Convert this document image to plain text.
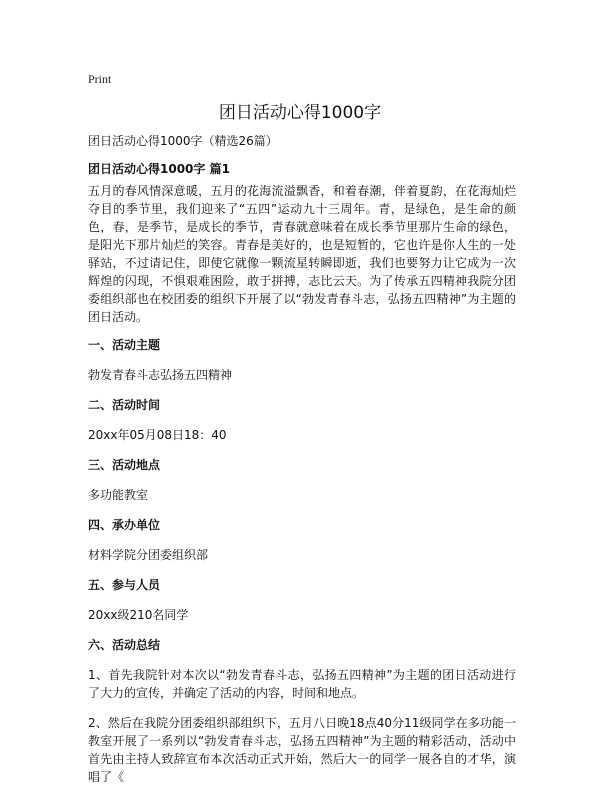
Print
团日活动心得1000字

团日活动心得1000字（精选26篇）

团日活动心得1000字 篇1

五月的春风情深意暖，五月的花海流溢飘香，和着春潮，伴着夏韵，在花海灿烂夺目的季节里，我们迎来了“五四”运动九十三周年。青，是绿色，是生命的颜色，春，是季节，是成长的季节，青春就意味着在成长季节里那片生命的绿色，是阳光下那片灿烂的笑容。青春是美好的，也是短暂的，它也许是你人生的一处驿站，不过请记住，即使它就像一颗流星转瞬即逝，我们也要努力让它成为一次辉煌的闪现，不惧艰难困险，敢于拼搏，志比云天。为了传承五四精神我院分团委组织部也在校团委的组织下开展了以“勃发青春斗志，弘扬五四精神”为主题的团日活动。

一、活动主题

勃发青春斗志弘扬五四精神

二、活动时间

20xx年05月08日18：40

三、活动地点

多功能教室

四、承办单位

材料学院分团委组织部

五、参与人员

20xx级210名同学

六、活动总结

1、首先我院针对本次以“勃发青春斗志，弘扬五四精神”为主题的团日活动进行了大力的宣传，并确定了活动的内容，时间和地点。

2、然后在我院分团委组织部组织下，五月八日晚18点40分11级同学在多功能一教室开展了一系列以“勃发青春斗志，弘扬五四精神”为主题的精彩活动，活动中首先由主持人致辞宣布本次活动正式开始，然后大一的同学一展各自的才华，演唱了《
